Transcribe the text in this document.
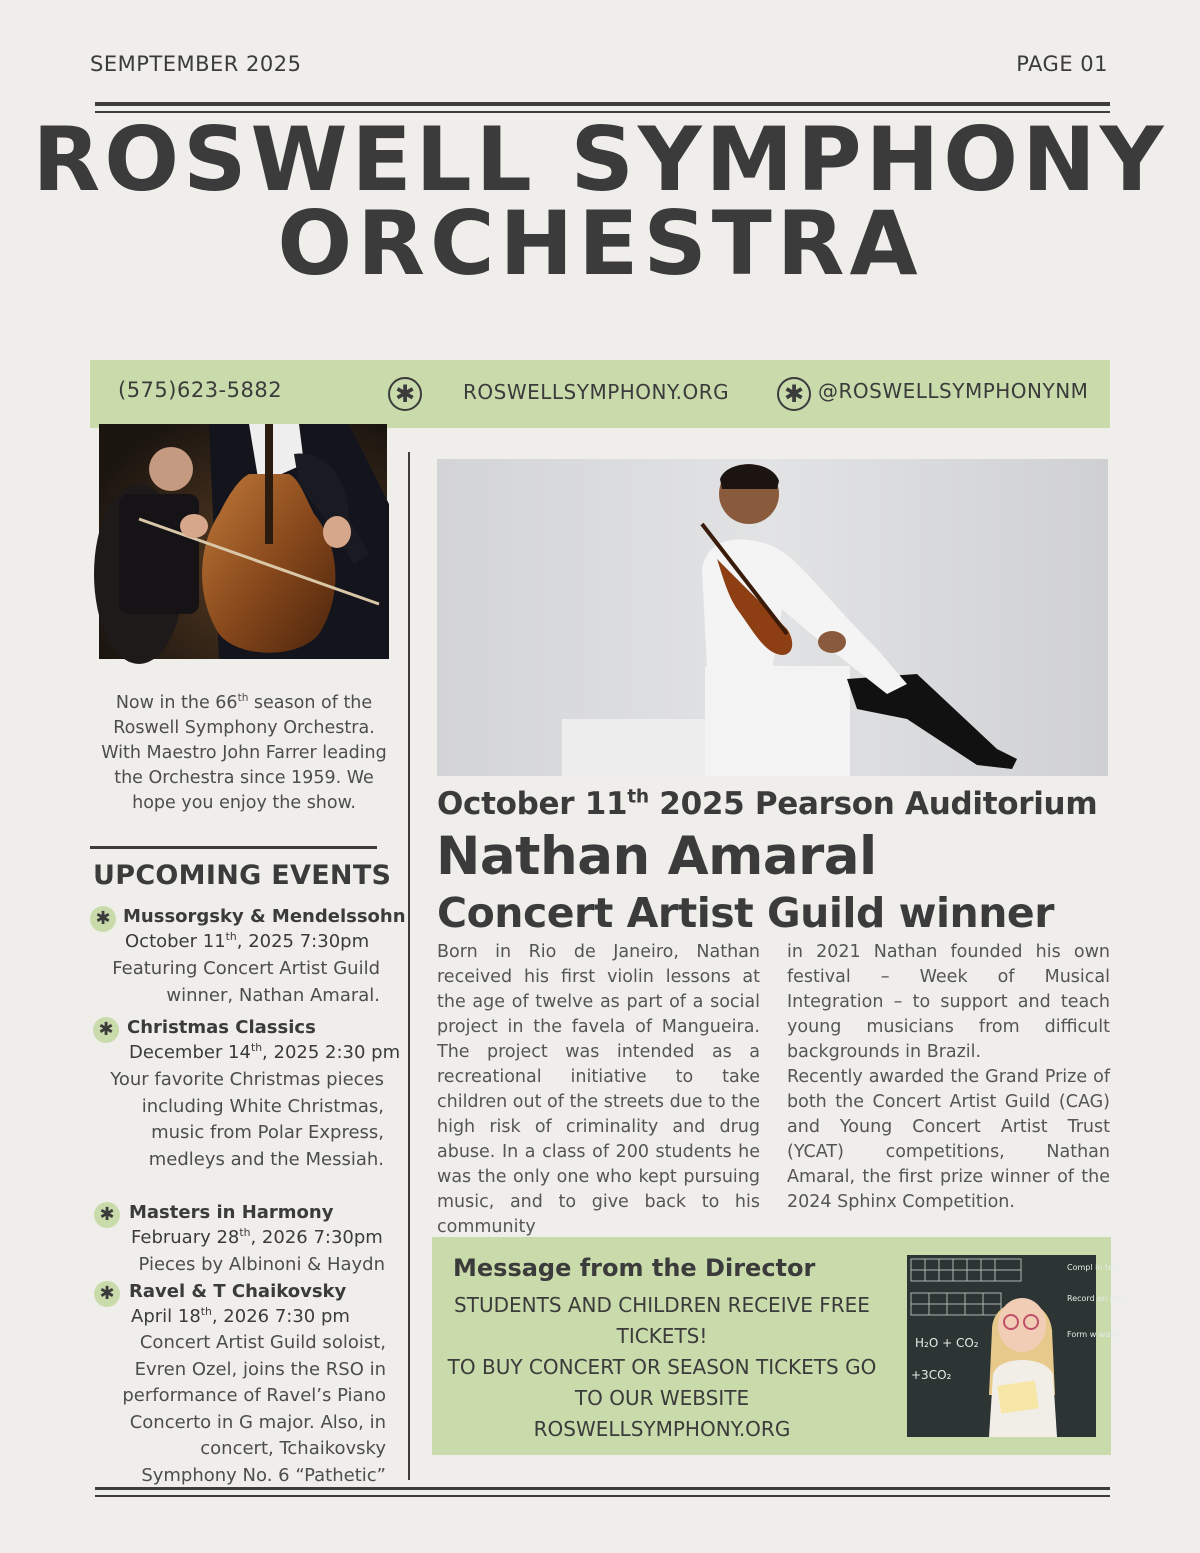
SEMPTEMBER 2025	PAGE 01
ROSWELL SYMPHONY
ORCHESTRA
(575)623-5882	✱	ROSWELLSYMPHONY.ORG ✱ @ROSWELLSYMPHONYNM
Now in the 66th season of the Roswell Symphony Orchestra. With Maestro John Farrer leading the Orchestra since 1959. We hope you enjoy the show.
UPCOMING EVENTS
✱ Mussorgsky & Mendelssohn
October 11th, 2025 7:30pm
Featuring Concert Artist Guild winner, Nathan Amaral.
✱ Christmas Classics
December 14th, 2025 2:30 pm
Your favorite Christmas pieces including White Christmas, music from Polar Express, medleys and the Messiah.
✱ Masters in Harmony
February 28th, 2026 7:30pm
Pieces by Albinoni & Haydn
✱ Ravel & T Chaikovsky
April 18th, 2026 7:30 pm
Concert Artist Guild soloist, Evren Ozel, joins the RSO in performance of Ravel’s Piano Concerto in G major. Also, in concert, Tchaikovsky Symphony No. 6 “Pathetic”
October 11th 2025 Pearson Auditorium
Nathan Amaral
Concert Artist Guild winner
Born in Rio de Janeiro, Nathan received his first violin lessons at the age of twelve as part of a social project in the favela of Mangueira. The project was intended as a recreational initiative to take children out of the streets due to the high risk of criminality and drug abuse. In a class of 200 students he was the only one who kept pursuing music, and to give back to his community
in 2021 Nathan founded his own festival – Week of Musical Integration – to support and teach young musicians from difficult backgrounds in Brazil.
Recently awarded the Grand Prize of both the Concert Artist Guild (CAG) and Young Concert Artist Trust (YCAT) competitions, Nathan Amaral, the first prize winner of the 2024 Sphinx Competition.
Message from the Director
STUDENTS AND CHILDREN RECEIVE FREE TICKETS!
TO BUY CONCERT OR SEASON TICKETS GO TO OUR WEBSITE
ROSWELLSYMPHONY.ORG
H₂O + CO₂
+3CO₂
Compl in text
Record on plac
Form w water
